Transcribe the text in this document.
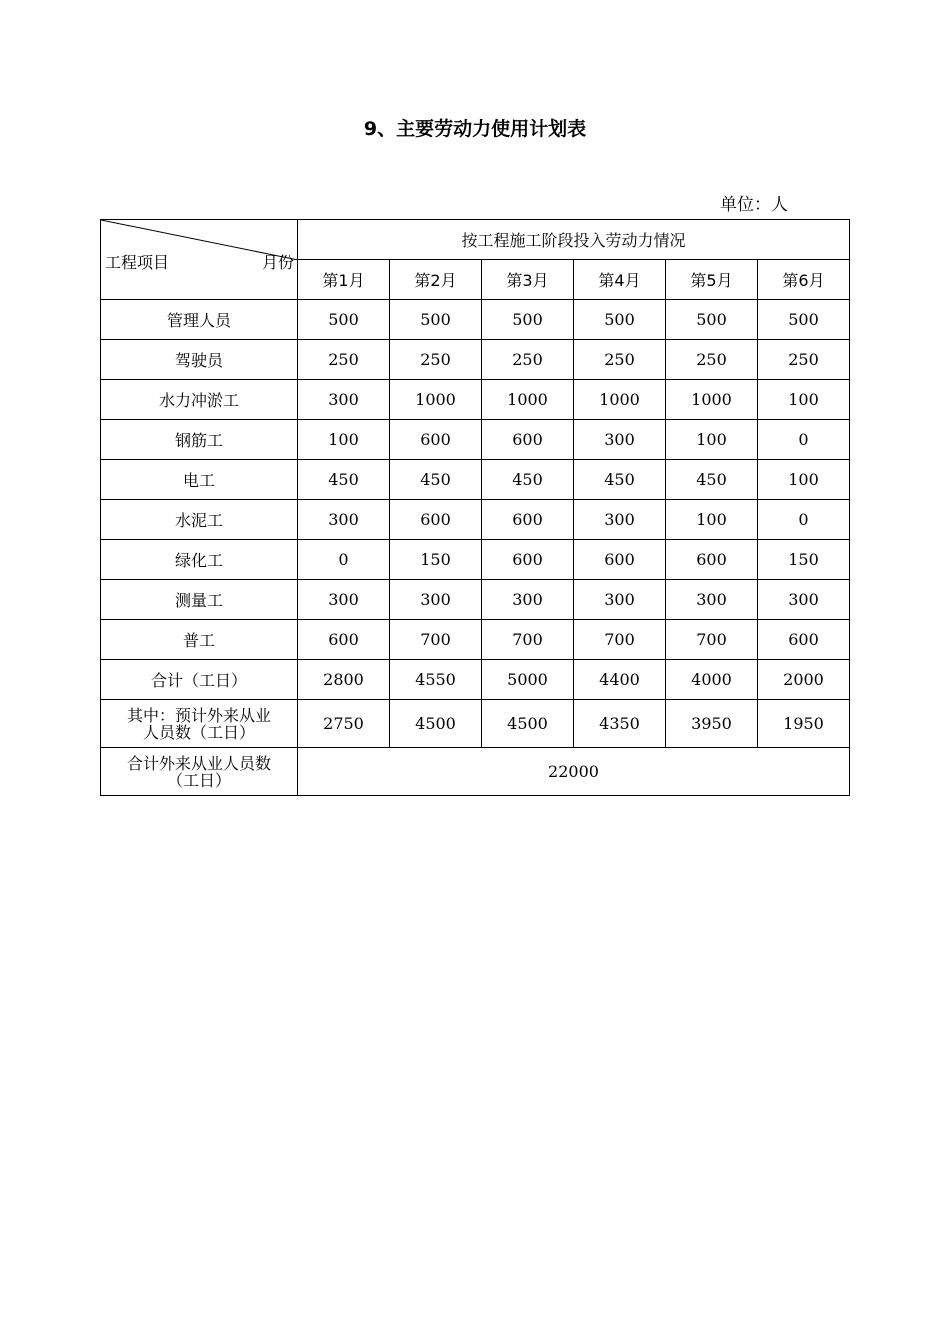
9、主要劳动力使用计划表
单位：人
工程项目 月份	按工程施工阶段投入劳动力情况					
	第1月	第2月	第3月	第4月	第5月	第6月
管理人员	500	500	500	500	500	500
驾驶员	250	250	250	250	250	250
水力冲淤工	300	1000	1000	1000	1000	100
钢筋工	100	600	600	300	100	0
电工	450	450	450	450	450	100
水泥工	300	600	600	300	100	0
绿化工	0	150	600	600	600	150
测量工	300	300	300	300	300	300
普工	600	700	700	700	700	600
合计（工日）	2800	4550	5000	4400	4000	2000

其中：预计外来从业
人员数（工日）	2750	4500	4500	4350	3950	1950

合计外来从业人员数
（工日）	22000					
